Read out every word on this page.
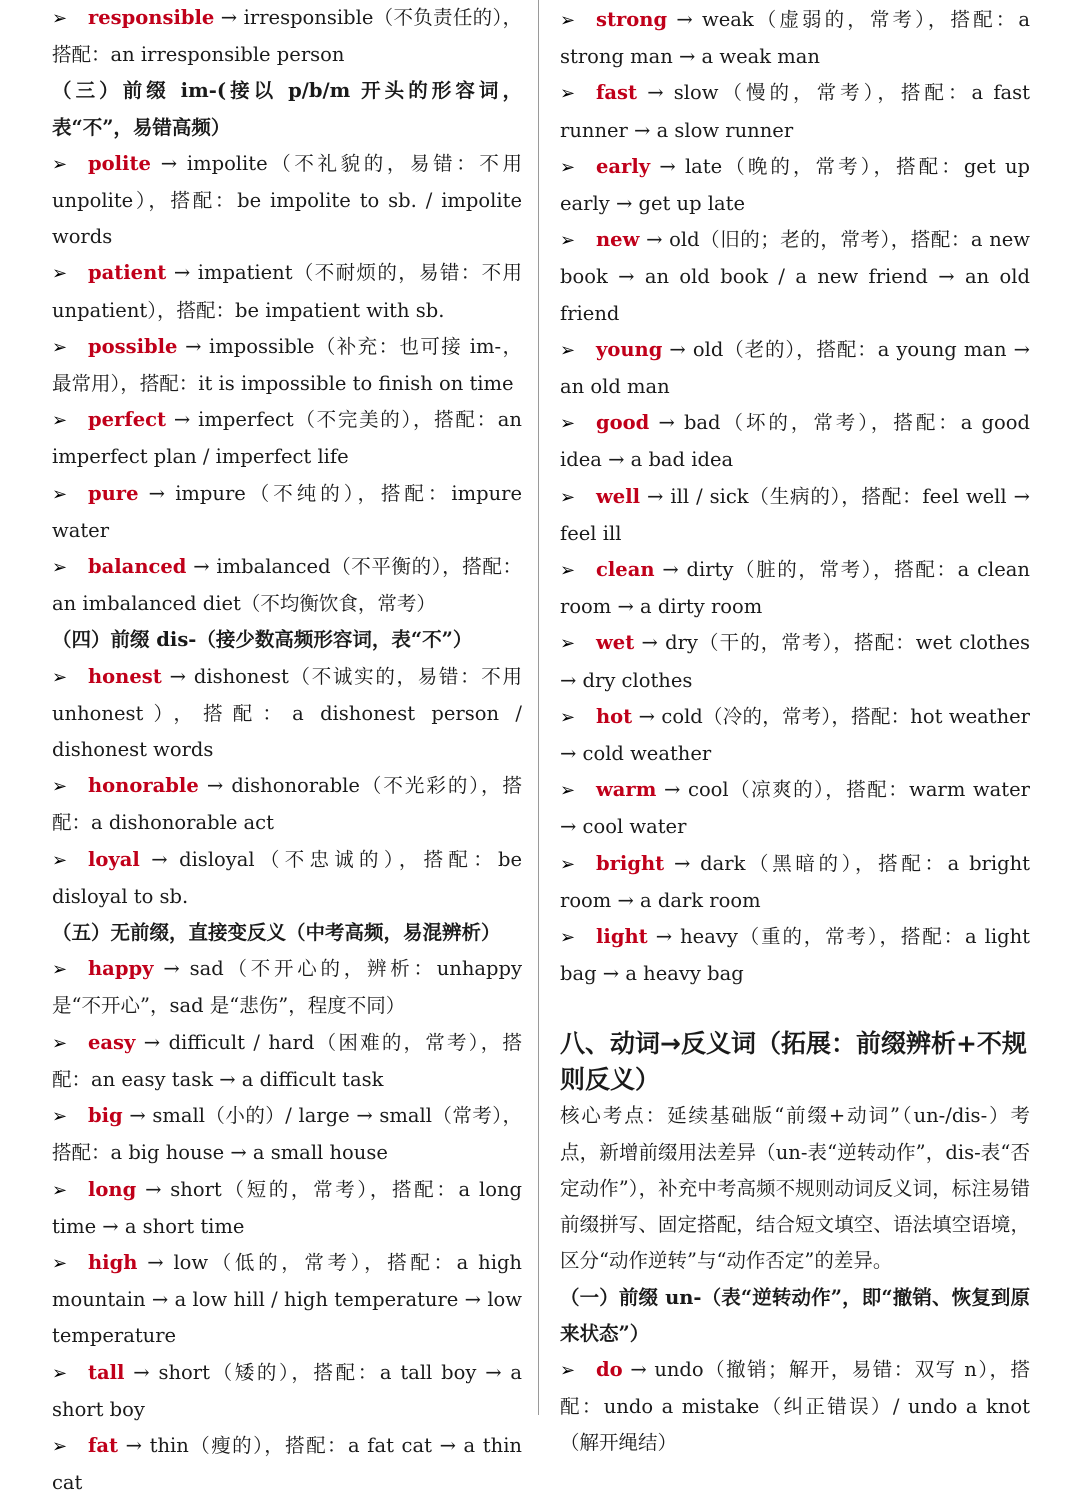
➢ responsible → irresponsible（不负责任的），搭配：an irresponsible person

（三）前缀 im-(接以 p/b/m 开头的形容词，表“不”，易错高频）

➢ polite → impolite（不礼貌的，易错：不用 unpolite），搭配：be impolite to sb. / impolite words

➢ patient → impatient（不耐烦的，易错：不用 unpatient），搭配：be impatient with sb.

➢ possible → impossible（补充：也可接 im-，最常用），搭配：it is impossible to finish on time

➢ perfect → imperfect（不完美的），搭配：an imperfect plan / imperfect life

➢ pure → impure（不纯的），搭配：impure water

➢ balanced → imbalanced（不平衡的），搭配：an imbalanced diet（不均衡饮食，常考）

（四）前缀 dis-（接少数高频形容词，表“不”）

➢ honest → dishonest（不诚实的，易错：不用 unhonest），搭配：a dishonest person / dishonest words

➢ honorable → dishonorable（不光彩的），搭配：a dishonorable act

➢ loyal → disloyal（不忠诚的），搭配：be disloyal to sb.

（五）无前缀，直接变反义（中考高频，易混辨析）

➢ happy → sad（不开心的，辨析：unhappy 是“不开心”，sad 是“悲伤”，程度不同）

➢ easy → difficult / hard（困难的，常考），搭配：an easy task → a difficult task

➢ big → small（小的）/ large → small（常考），搭配：a big house → a small house

➢ long → short（短的，常考），搭配：a long time → a short time

➢ high → low（低的，常考），搭配：a high mountain → a low hill / high temperature → low temperature

➢ tall → short（矮的），搭配：a tall boy → a short boy

➢ fat → thin（瘦的），搭配：a fat cat → a thin cat

➢ strong → weak（虚弱的，常考），搭配：a strong man → a weak man

➢ fast → slow（慢的，常考），搭配：a fast runner → a slow runner

➢ early → late（晚的，常考），搭配：get up early → get up late

➢ new → old（旧的；老的，常考），搭配：a new book → an old book / a new friend → an old friend

➢ young → old（老的），搭配：a young man → an old man

➢ good → bad（坏的，常考），搭配：a good idea → a bad idea

➢ well → ill / sick（生病的），搭配：feel well → feel ill

➢ clean → dirty（脏的，常考），搭配：a clean room → a dirty room

➢ wet → dry（干的，常考），搭配：wet clothes → dry clothes

➢ hot → cold（冷的，常考），搭配：hot weather → cold weather

➢ warm → cool（凉爽的），搭配：warm water → cool water

➢ bright → dark（黑暗的），搭配：a bright room → a dark room

➢ light → heavy（重的，常考），搭配：a light bag → a heavy bag

八、动词→反义词（拓展：前缀辨析+不规则反义）

核心考点：延续基础版“前缀+动词”（un-/dis-）考点，新增前缀用法差异（un-表“逆转动作”，dis-表“否定动作”），补充中考高频不规则动词反义词，标注易错前缀拼写、固定搭配，结合短文填空、语法填空语境，区分“动作逆转”与“动作否定”的差异。

（一）前缀 un-（表“逆转动作”，即“撤销、恢复到原来状态”）

➢ do → undo（撤销；解开，易错：双写 n），搭配：undo a mistake（纠正错误）/ undo a knot（解开绳结）
